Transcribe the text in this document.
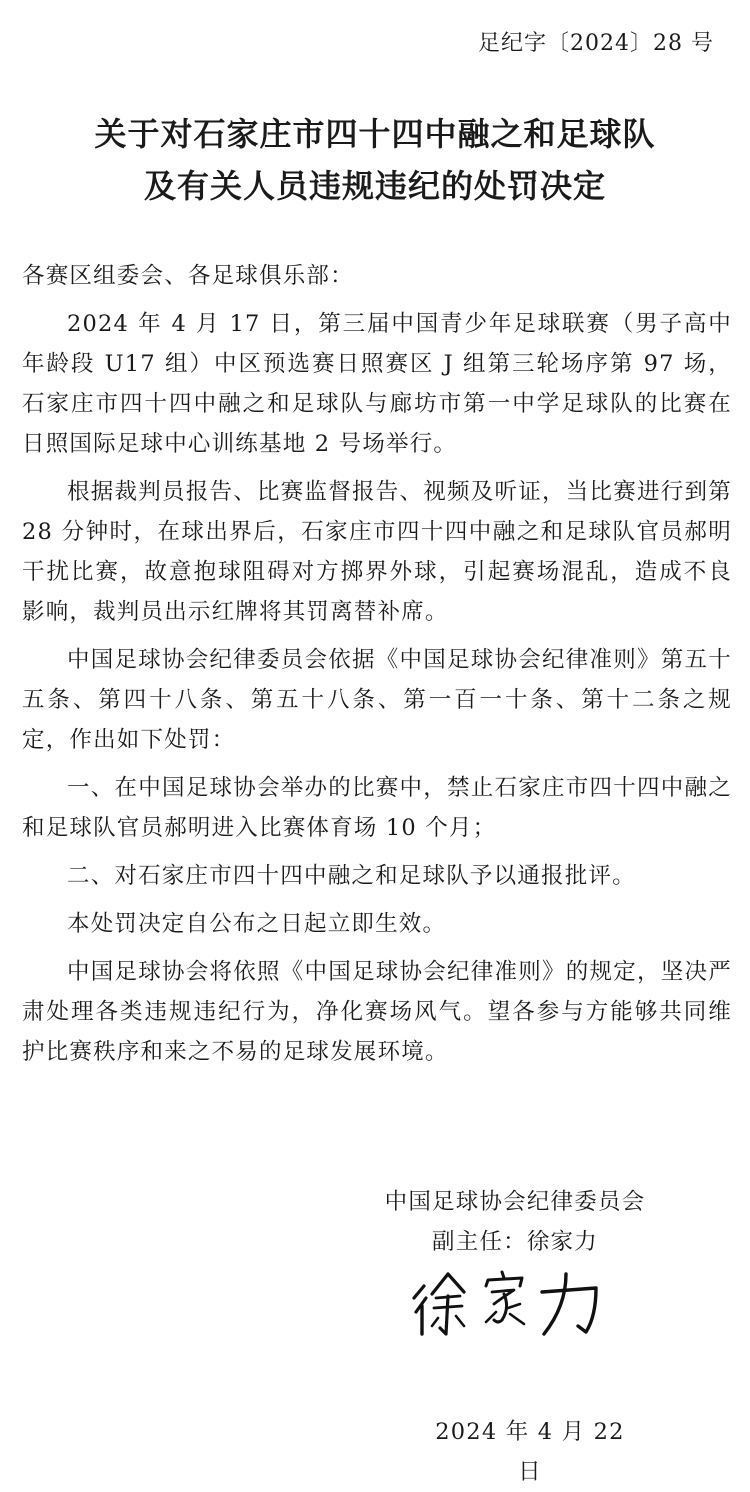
足纪字〔2024〕28 号
关于对石家庄市四十四中融之和足球队
及有关人员违规违纪的处罚决定

各赛区组委会、各足球俱乐部：

2024 年 4 月 17 日，第三届中国青少年足球联赛（男子高中年龄段 U17 组）中区预选赛日照赛区 J 组第三轮场序第 97 场，石家庄市四十四中融之和足球队与廊坊市第一中学足球队的比赛在日照国际足球中心训练基地 2 号场举行。

根据裁判员报告、比赛监督报告、视频及听证，当比赛进行到第 28 分钟时，在球出界后，石家庄市四十四中融之和足球队官员郝明干扰比赛，故意抱球阻碍对方掷界外球，引起赛场混乱，造成不良影响，裁判员出示红牌将其罚离替补席。

中国足球协会纪律委员会依据《中国足球协会纪律准则》第五十五条、第四十八条、第五十八条、第一百一十条、第十二条之规定，作出如下处罚：

一、在中国足球协会举办的比赛中，禁止石家庄市四十四中融之和足球队官员郝明进入比赛体育场 10 个月；

二、对石家庄市四十四中融之和足球队予以通报批评。

本处罚决定自公布之日起立即生效。

中国足球协会将依照《中国足球协会纪律准则》的规定，坚决严肃处理各类违规违纪行为，净化赛场风气。望各参与方能够共同维护比赛秩序和来之不易的足球发展环境。

中国足球协会纪律委员会
副主任：徐家力
2024 年 4 月 22 日
